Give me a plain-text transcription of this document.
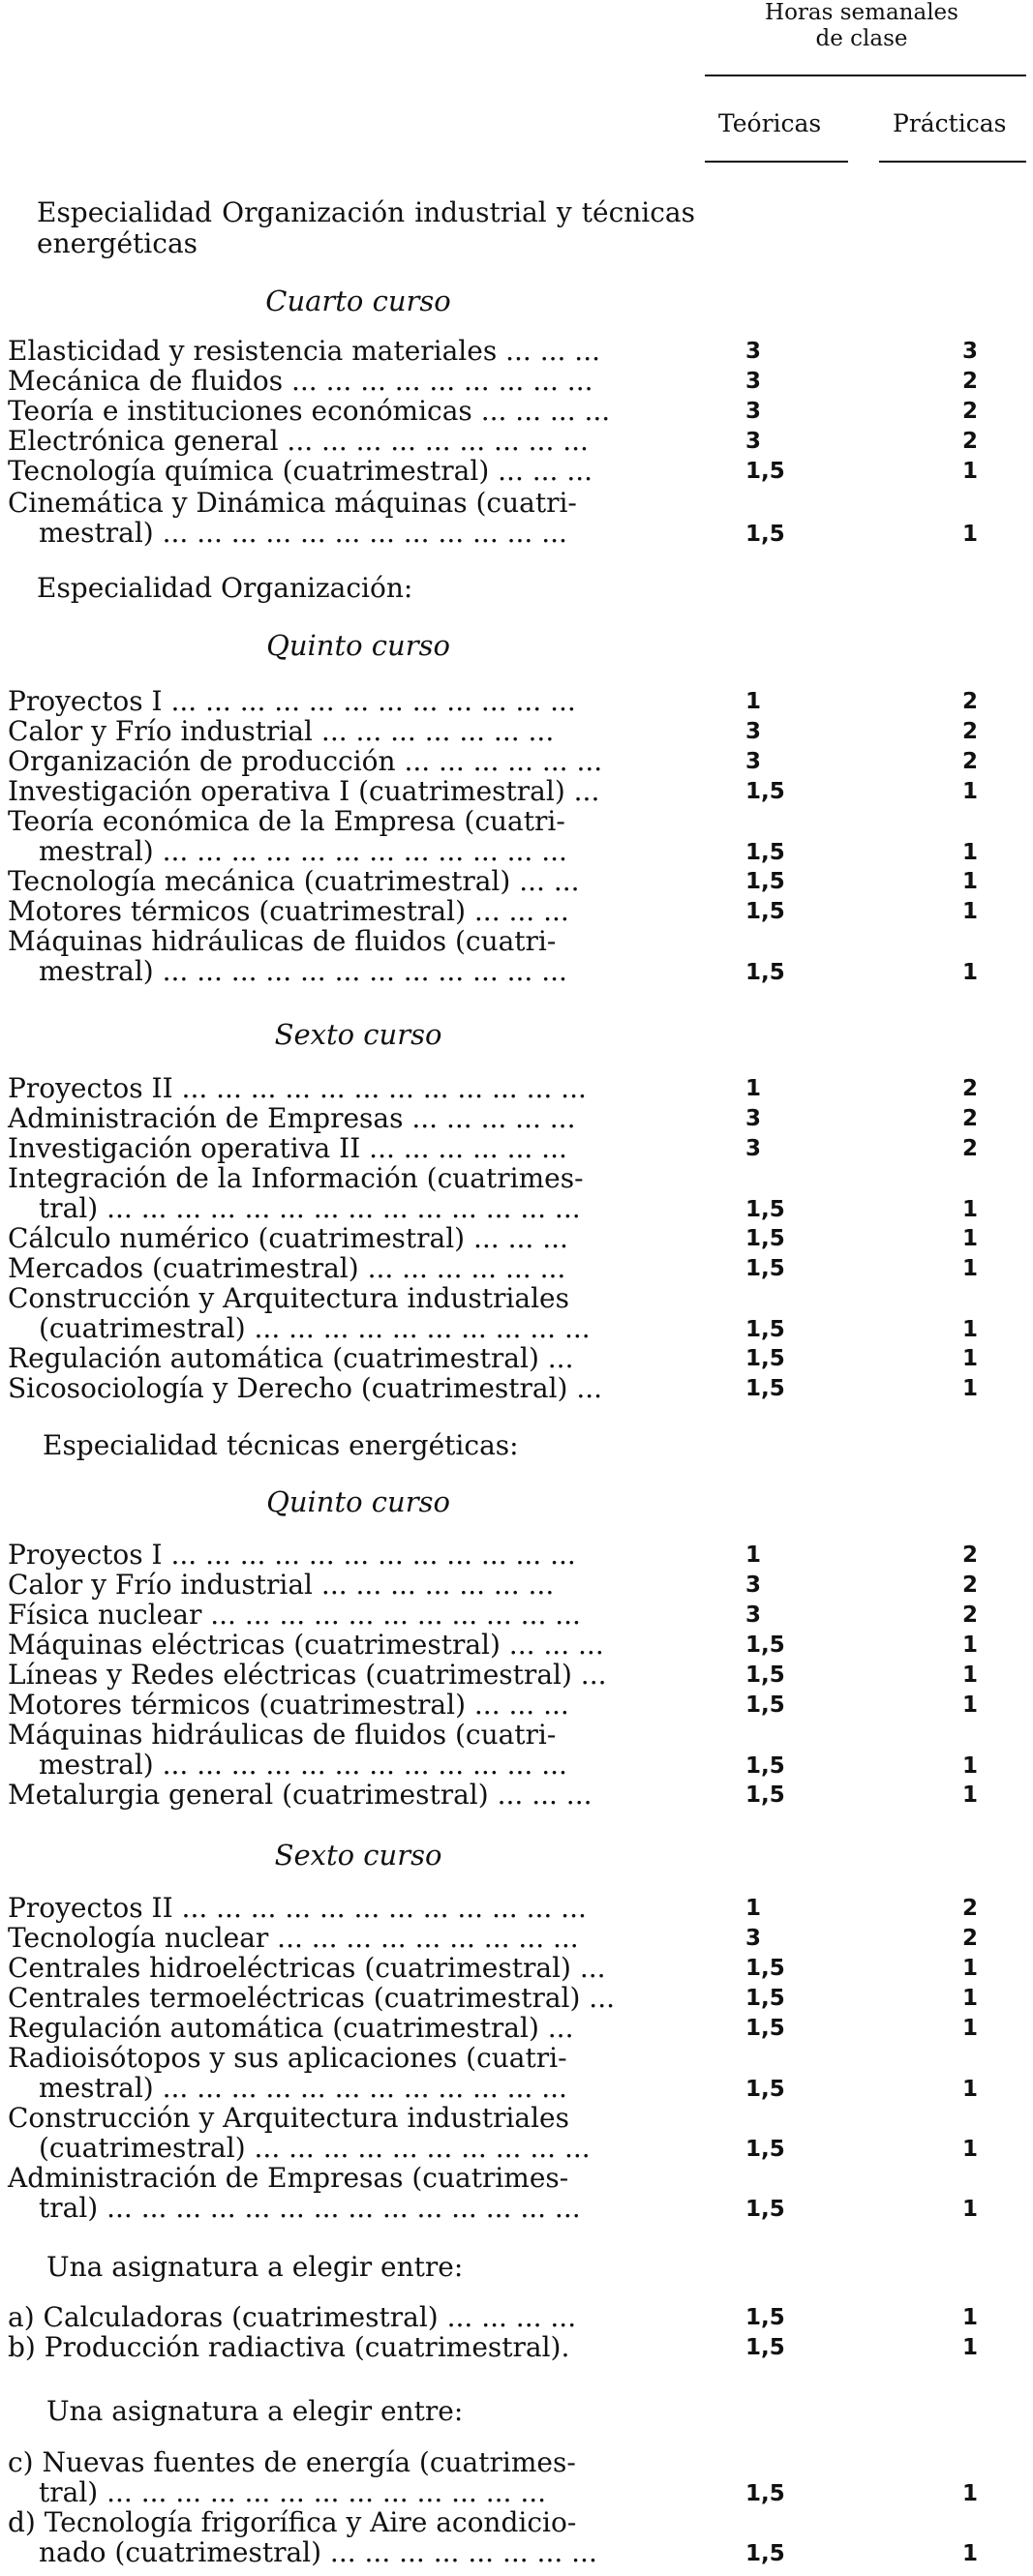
Horas semanales
de clase
Teóricas	Prácticas
Especialidad Organización industrial y técnicas energéticas
Cuarto curso
Especialidad Organización:
Quinto curso
Sexto curso
Especialidad técnicas energéticas:
Quinto curso
Sexto curso
Una asignatura a elegir entre:
Una asignatura a elegir entre:
Elasticidad y resistencia materiales ... ... ...	3	3
Mecánica de fluidos ... ... ... ... ... ... ... ... ...	3	2
Teoría e instituciones económicas ... ... ... ...	3	2
Electrónica general ... ... ... ... ... ... ... ... ...	3	2
Tecnología química (cuatrimestral) ... ... ...	1,5	1
Cinemática y Dinámica máquinas (cuatri-
mestral) ... ... ... ... ... ... ... ... ... ... ... ...	1,5	1
Proyectos I ... ... ... ... ... ... ... ... ... ... ... ...	1	2
Calor y Frío industrial ... ... ... ... ... ... ...	3	2
Organización de producción ... ... ... ... ... ...	3	2
Investigación operativa I (cuatrimestral) ...	1,5	1
Teoría económica de la Empresa (cuatri-
mestral) ... ... ... ... ... ... ... ... ... ... ... ...	1,5	1
Tecnología mecánica (cuatrimestral) ... ...	1,5	1
Motores térmicos (cuatrimestral) ... ... ...	1,5	1
Máquinas hidráulicas de fluidos (cuatri-
mestral) ... ... ... ... ... ... ... ... ... ... ... ...	1,5	1
Proyectos II ... ... ... ... ... ... ... ... ... ... ... ...	1	2
Administración de Empresas ... ... ... ... ...	3	2
Investigación operativa II ... ... ... ... ... ...	3	2
Integración de la Información (cuatrimes-
tral) ... ... ... ... ... ... ... ... ... ... ... ... ... ...	1,5	1
Cálculo numérico (cuatrimestral) ... ... ...	1,5	1
Mercados (cuatrimestral) ... ... ... ... ... ...	1,5	1
Construcción y Arquitectura industriales
(cuatrimestral) ... ... ... ... ... ... ... ... ... ...	1,5	1
Regulación automática (cuatrimestral) ...	1,5	1
Sicosociología y Derecho (cuatrimestral) ...	1,5	1
Proyectos I ... ... ... ... ... ... ... ... ... ... ... ...	1	2
Calor y Frío industrial ... ... ... ... ... ... ...	3	2
Física nuclear ... ... ... ... ... ... ... ... ... ... ...	3	2
Máquinas eléctricas (cuatrimestral) ... ... ...	1,5	1
Líneas y Redes eléctricas (cuatrimestral) ...	1,5	1
Motores térmicos (cuatrimestral) ... ... ...	1,5	1
Máquinas hidráulicas de fluidos (cuatri-
mestral) ... ... ... ... ... ... ... ... ... ... ... ...	1,5	1
Metalurgia general (cuatrimestral) ... ... ...	1,5	1
Proyectos II ... ... ... ... ... ... ... ... ... ... ... ...	1	2
Tecnología nuclear ... ... ... ... ... ... ... ... ...	3	2
Centrales hidroeléctricas (cuatrimestral) ...	1,5	1
Centrales termoeléctricas (cuatrimestral) ...	1,5	1
Regulación automática (cuatrimestral) ...	1,5	1
Radioisótopos y sus aplicaciones (cuatri-
mestral) ... ... ... ... ... ... ... ... ... ... ... ...	1,5	1
Construcción y Arquitectura industriales
(cuatrimestral) ... ... ... ... ... ... ... ... ... ...	1,5	1
Administración de Empresas (cuatrimes-
tral) ... ... ... ... ... ... ... ... ... ... ... ... ... ...	1,5	1
a) Calculadoras (cuatrimestral) ... ... ... ...	1,5	1
b) Producción radiactiva (cuatrimestral).	1,5	1
c) Nuevas fuentes de energía (cuatrimes-
tral) ... ... ... ... ... ... ... ... ... ... ... ... ...	1,5	1
d) Tecnología frigorífica y Aire acondicio-
nado (cuatrimestral) ... ... ... ... ... ... ... ...	1,5	1
